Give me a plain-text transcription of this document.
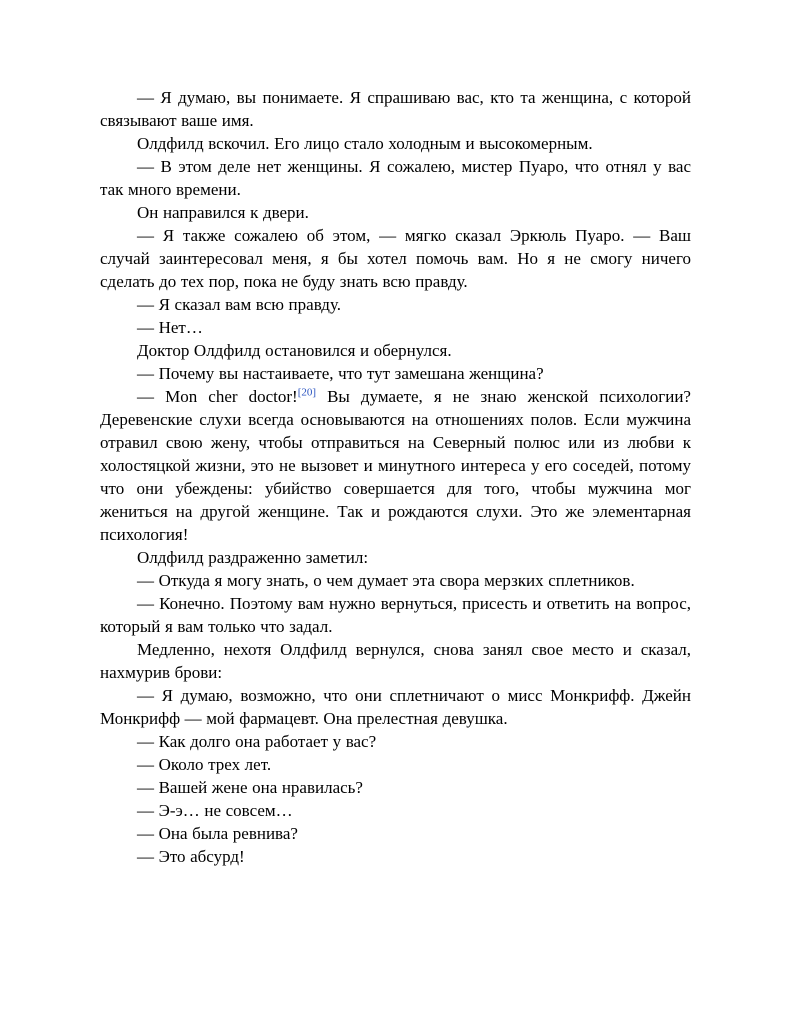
— Я думаю, вы понимаете. Я спрашиваю вас, кто та женщина, с которой связывают ваше имя.

Олдфилд вскочил. Его лицо стало холодным и высокомерным.

— В этом деле нет женщины. Я сожалею, мистер Пуаро, что отнял у вас так много времени.

Он направился к двери.

— Я также сожалею об этом, — мягко сказал Эркюль Пуаро. — Ваш случай заинтересовал меня, я бы хотел помочь вам. Но я не смогу ничего сделать до тех пор, пока не буду знать всю правду.

— Я сказал вам всю правду.

— Нет…

Доктор Олдфилд остановился и обернулся.

— Почему вы настаиваете, что тут замешана женщина?

— Mon cher doctor![20] Вы думаете, я не знаю женской психологии? Деревенские слухи всегда основываются на отношениях полов. Если мужчина отравил свою жену, чтобы отправиться на Северный полюс или из любви к холостяцкой жизни, это не вызовет и минутного интереса у его соседей, потому что они убеждены: убийство совершается для того, чтобы мужчина мог жениться на другой женщине. Так и рождаются слухи. Это же элементарная психология!

Олдфилд раздраженно заметил:

— Откуда я могу знать, о чем думает эта свора мерзких сплетников.

— Конечно. Поэтому вам нужно вернуться, присесть и ответить на вопрос, который я вам только что задал.

Медленно, нехотя Олдфилд вернулся, снова занял свое место и сказал, нахмурив брови:

— Я думаю, возможно, что они сплетничают о мисс Монкрифф. Джейн Монкрифф — мой фармацевт. Она прелестная девушка.

— Как долго она работает у вас?

— Около трех лет.

— Вашей жене она нравилась?

— Э-э… не совсем…

— Она была ревнива?

— Это абсурд!
